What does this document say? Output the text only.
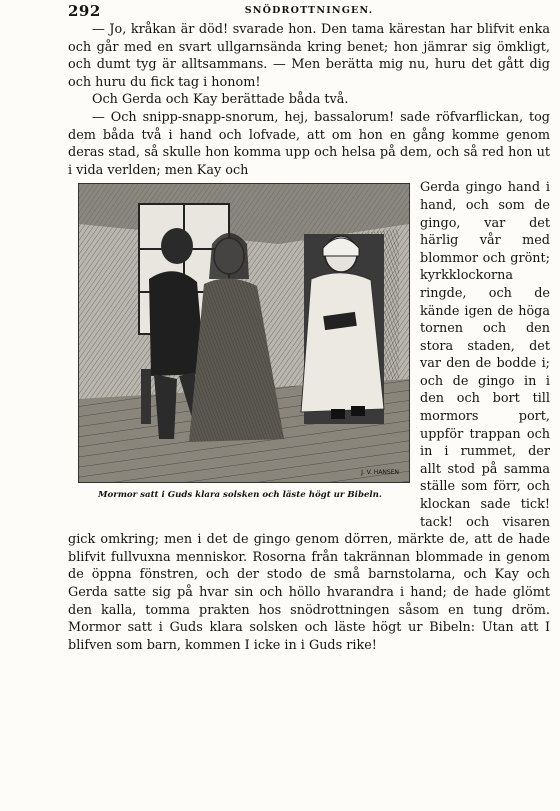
292	SNÖDROTTNINGEN.

— Jo, kråkan är död! svarade hon. Den tama kärestan har blifvit enka och går med en svart ullgarnsända kring benet; hon jämrar sig ömkligt, och dumt tyg är alltsammans. — Men berätta mig nu, huru det gått dig och huru du fick tag i honom!

Och Gerda och Kay berättade båda två.

— Och snipp-snapp-snorum, hej, bassalorum! sade röfvarflickan, tog dem båda två i hand och lofvade, att om hon en gång komme genom deras stad, så skulle hon komma upp och helsa på dem, och så red hon ut i vida verlden; men Kay och

J. V. HANSEN
Mormor satt i Guds klara solsken och läste högt ur Bibeln.

Gerda gingo hand i hand, och som de gingo, var det härlig vår med blommor och grönt; kyrkklockorna ringde, och de kände igen de höga tornen och den stora staden, det var den de bodde i; och de gingo in i den och bort till mormors port, uppför trappan och in i rummet, der allt stod på samma ställe som förr, och klockan sade tick! tack! och visaren gick omkring; men i det de gingo genom dörren, märkte de, att de hade blifvit fullvuxna menniskor. Rosorna från takrännan blommade in genom de öppna fönstren, och der stodo de små barnstolarna, och Kay och Gerda satte sig på hvar sin och höllo hvarandra i hand; de hade glömt den kalla, tomma prakten hos snödrottningen såsom en tung dröm. Mormor satt i Guds klara solsken och läste högt ur Bibeln: Utan att I blifven som barn, kommen I icke in i Guds rike!
